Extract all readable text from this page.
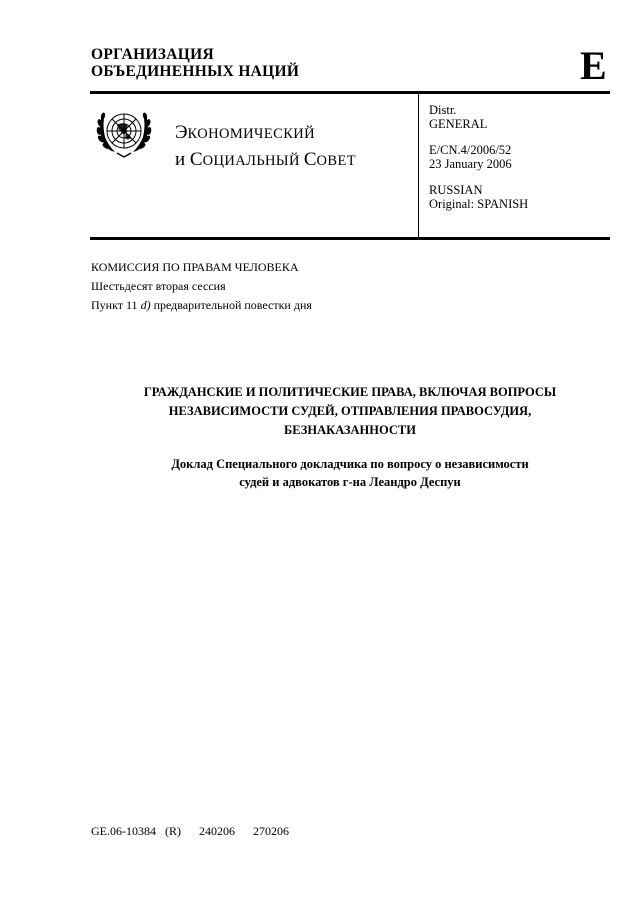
ОРГАНИЗАЦИЯ
ОБЪЕДИНЕННЫХ НАЦИЙ	E
ЭКОНОМИЧЕСКИЙ
и СОЦИАЛЬНЫЙ СОВЕТ
Distr.
GENERAL
E/CN.4/2006/52
23 January 2006
RUSSIAN
Original: SPANISH
КОМИССИЯ ПО ПРАВАМ ЧЕЛОВЕКА
Шестьдесят вторая сессия
Пункт 11 d) предварительной повестки дня
ГРАЖДАНСКИЕ И ПОЛИТИЧЕСКИЕ ПРАВА, ВКЛЮЧАЯ ВОПРОСЫ
НЕЗАВИСИМОСТИ СУДЕЙ, ОТПРАВЛЕНИЯ ПРАВОСУДИЯ,
БЕЗНАКАЗАННОСТИ
Доклад Специального докладчика по вопросу о независимости
судей и адвокатов г-на Леандро Деспуи
GE.06-10384   (R)      240206      270206
